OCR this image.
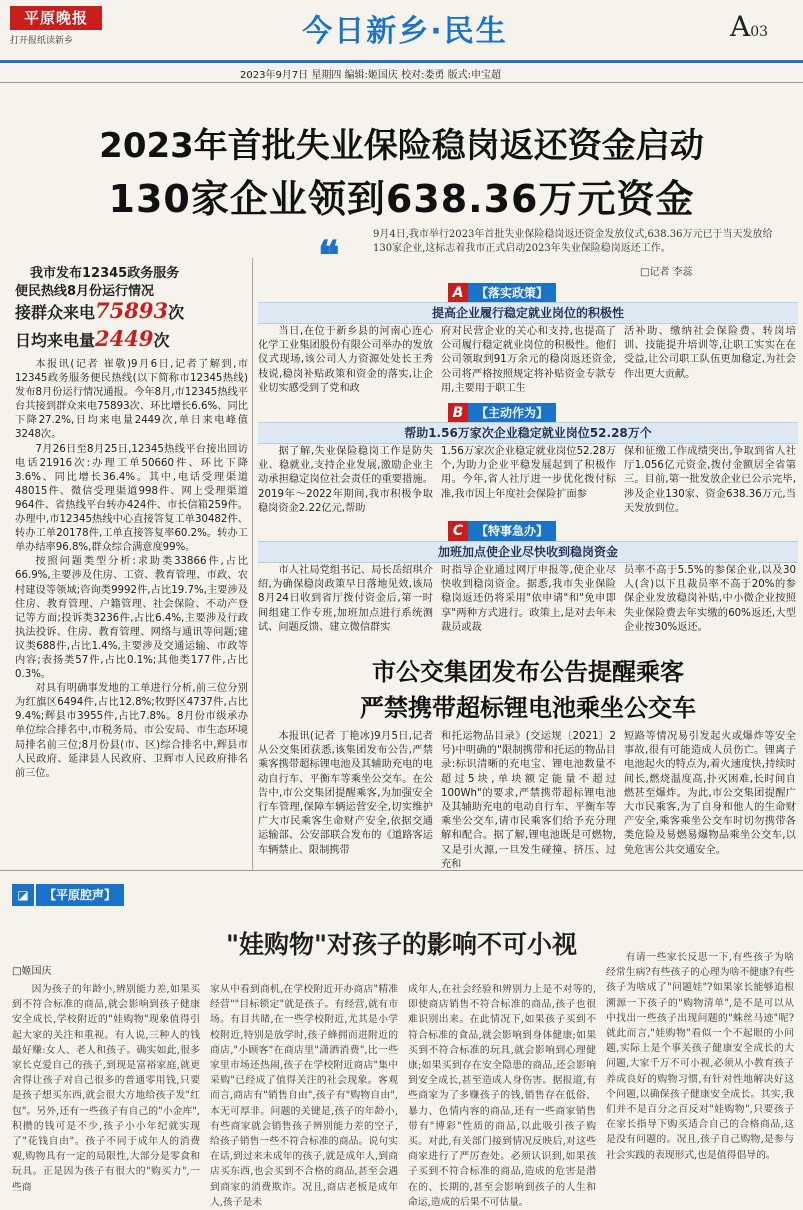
平原晚报
打开报纸读新乡	今日新乡·民生	A03
2023年9月7日 星期四 编辑:姬国庆 校对:娄勇 版式:申宝超
2023年首批失业保险稳岗返还资金启动
130家企业领到638.36万元资金
❝	9月4日,我市举行2023年首批失业保险稳岗返还资金发放仪式,638.36万元已于当天发放给130家企业,这标志着我市正式启动2023年失业保险稳岗返还工作。
□记者 李蕊
我市发布12345政务服务
便民热线8月份运行情况
接群众来电75893次
日均来电量2449次

本报讯(记者 崔敬)9月6日,记者了解到,市12345政务服务便民热线(以下简称市12345热线)发布8月份运行情况通报。今年8月,市12345热线平台共接到群众来电75893次、环比增长6.6%、同比下降27.2%,日均来电量2449次,单日来电峰值3248次。

7月26日至8月25日,12345热线平台接出回访电话21916次:办理工单50660件、环比下降3.6%、同比增长36.4%。其中,电话受理渠道48015件、微信受理渠道998件、网上受理渠道964件、省热线平台转办424件、市长信箱259件。办理中,市12345热线中心直接答复工单30482件、转办工单20178件,工单直接答复率60.2%。转办工单办结率96.8%,群众综合满意度99%。

按照问题类型分析:求助类33866件,占比66.9%,主要涉及住房、工资、教育管理、市政、农村建设等领域;咨询类9992件,占比19.7%,主要涉及住房、教育管理、户籍管理、社会保险、不动产登记等方面;投诉类3236件,占比6.4%,主要涉及行政执法投诉、住房、教育管理、网络与通讯等问题;建议类688件,占比1.4%,主要涉及交通运输、市政等内容;表扬类57件,占比0.1%;其他类177件,占比0.3%。

对具有明确事发地的工单进行分析,前三位分别为红旗区6494件,占比12.8%;牧野区4737件,占比9.4%;辉县市3955件,占比7.8%。8月份市级承办单位综合排名中,市税务局、市公安局、市生态环境局排名前三位;8月份县(市、区)综合排名中,辉县市人民政府、延津县人民政府、卫辉市人民政府排名前三位。

A 【落实政策】
提高企业履行稳定就业岗位的积极性

当日,在位于新乡县的河南心连心化学工业集团股份有限公司举办的发放仪式现场,该公司人力资源处处长王秀枝说,稳岗补贴政策和资金的落实,让企业切实感受到了党和政

府对民营企业的关心和支持,也提高了公司履行稳定就业岗位的积极性。他们公司领取到91万余元的稳岗返还资金,公司将严格按照规定将补贴资金专款专用,主要用于职工生

活补助、缴纳社会保险费、转岗培训、技能提升培训等,让职工实实在在受益,让公司职工队伍更加稳定,为社会作出更大贡献。

B 【主动作为】
帮助1.56万家次企业稳定就业岗位52.28万个

据了解,失业保险稳岗工作是防失业、稳就业,支持企业发展,激励企业主动承担稳定岗位社会责任的重要措施。2019年～2022年期间,我市积极争取稳岗资金2.22亿元,帮助

1.56万家次企业稳定就业岗位52.28万个,为助力企业平稳发展起到了积极作用。今年,省人社厅进一步优化拨付标准,我市因上年度社会保险扩面参

保和征缴工作成绩突出,争取到省人社厅1.056亿元资金,拨付金额居全省第三。目前,第一批发放企业已公示完毕,涉及企业130家、资金638.36万元,当天发放到位。

C 【特事急办】
加班加点使企业尽快收到稳岗资金

市人社局党组书记、局长岳绍琪介绍,为确保稳岗政策早日落地见效,该局8月24日收到省厅拨付资金后,第一时间组建工作专班,加班加点进行系统测试、问题反馈、建立微信群实

时指导企业通过网厅申报等,使企业尽快收到稳岗资金。据悉,我市失业保险稳岗返还仍将采用"依申请"和"免申即享"两种方式进行。政策上,是对去年未裁员或裁

员率不高于5.5%的参保企业,以及30人(含)以下且裁员率不高于20%的参保企业发放稳岗补贴,中小微企业按照失业保险费去年实缴的60%返还,大型企业按30%返还。

市公交集团发布公告提醒乘客
严禁携带超标锂电池乘坐公交车

本报讯(记者 丁艳冰)9月5日,记者从公交集团获悉,该集团发布公告,严禁乘客携带超标锂电池及其辅助充电的电动自行车、平衡车等乘坐公交车。在公告中,市公交集团提醒乘客,为加强安全行车管理,保障车辆运营安全,切实维护广大市民乘客生命财产安全,依据交通运输部、公安部联合发布的《道路客运车辆禁止、限制携带

和托运物品目录》(交运规〔2021〕2号)中明确的"限制携带和托运的物品目录:标识清晰的充电宝、锂电池数量不超过5块,单块额定能量不超过100Wh"的要求,严禁携带超标锂电池及其辅助充电的电动自行车、平衡车等乘坐公交车,请市民乘客们给予充分理解和配合。据了解,锂电池既是可燃物,又是引火源,一旦发生碰撞、挤压、过充和

短路等情况易引发起火或爆炸等安全事故,很有可能造成人员伤亡。锂离子电池起火的特点为,着火速度快,持续时间长,燃烧温度高,扑灭困难,长时间自燃甚至爆炸。为此,市公交集团提醒广大市民乘客,为了自身和他人的生命财产安全,乘客乘坐公交车时切勿携带各类危险及易燃易爆物品乘坐公交车,以免危害公共交通安全。

◪ 【平原腔声】
"娃购物"对孩子的影响不可小视
□姬国庆

因为孩子的年龄小,辨别能力差,如果买到不符合标准的商品,就会影响到孩子健康安全成长,学校附近的"娃购物"现象值得引起大家的关注和重视。有人说,三种人的钱最好赚:女人、老人和孩子。确实如此,很多家长克爱自己的孩子,到现是富裕家庭,就更舍得让孩子对自己很多的普通零用钱,只要是孩子想买东西,就会很大方地给孩子发"红包"。另外,还有一些孩子有自己的"小金库",积攒的钱可是不少,孩子小小年纪就实现了"花钱自由"。孩子不同于成年人的消费观,购物具有一定的局限性,大部分是零食和玩具。正是因为孩子有很大的"购买力",一些商

家从中看到商机,在学校附近开办商店"精准经营""目标锁定"就是孩子。有经营,就有市场。有目共睹,在一些学校附近,尤其是小学校附近,特别是放学时,孩子蜂拥而进附近的商店,"小顾客"在商店里"潇洒消费",比一些家里市场还热闹,孩子在学校附近商店"集中采购"已经成了值得关注的社会现象。客观而言,商店有"销售自由",孩子有"购物自由",本无可厚非。问题的关键是,孩子的年龄小,有些商家就会销售孩子辨别能力差的空子,给孩子销售一些不符合标准的商品。说句实在话,到过来未成年的孩子,就是成年人,到商店买东西,也会买到不合格的商品,甚至会遇到商家的消费欺诈。况且,商店老板是成年人,孩子是未

成年人,在社会经验和辨别力上是不对等的,即使商店销售不符合标准的商品,孩子也很难识别出来。在此情况下,如果孩子买到不符合标准的食品,就会影响到身体健康;如果买到不符合标准的玩具,就会影响到心理健康;如果买到存在安全隐患的商品,还会影响到安全成长,甚至造成人身伤害。据报道,有些商家为了多赚孩子的钱,销售存在低俗、暴力、色情内容的商品,还有一些商家销售带有"博彩"性质的商品,以此吸引孩子购买。对此,有关部门接到情况反映后,对这些商家进行了严厉查处。必须认识到,如果孩子买到不符合标准的商品,造成的危害是潜在的、长期的,甚至会影响到孩子的人生和命运,造成的后果不可估量。

有请一些家长反思一下,有些孩子为啥经常生病?有些孩子的心理为啥不健康?有些孩子为啥成了"问题娃"?如果家长能够追根溯源一下孩子的"购物清单",是不是可以从中找出一些孩子出现问题的"蛛丝马迹"呢?就此而言,"娃购物"看似一个不起眼的小问题,实际上是个事关孩子健康安全成长的大问题,大家千万不可小视,必须从小教育孩子养成良好的购物习惯,有针对性地解决好这个问题,以确保孩子健康安全成长。其实,我们并不是百分之百反对"娃购物",只要孩子在家长指导下购买适合自己的合格商品,这是没有问题的。况且,孩子自己购物,是参与社会实践的表现形式,也是值得倡导的。
